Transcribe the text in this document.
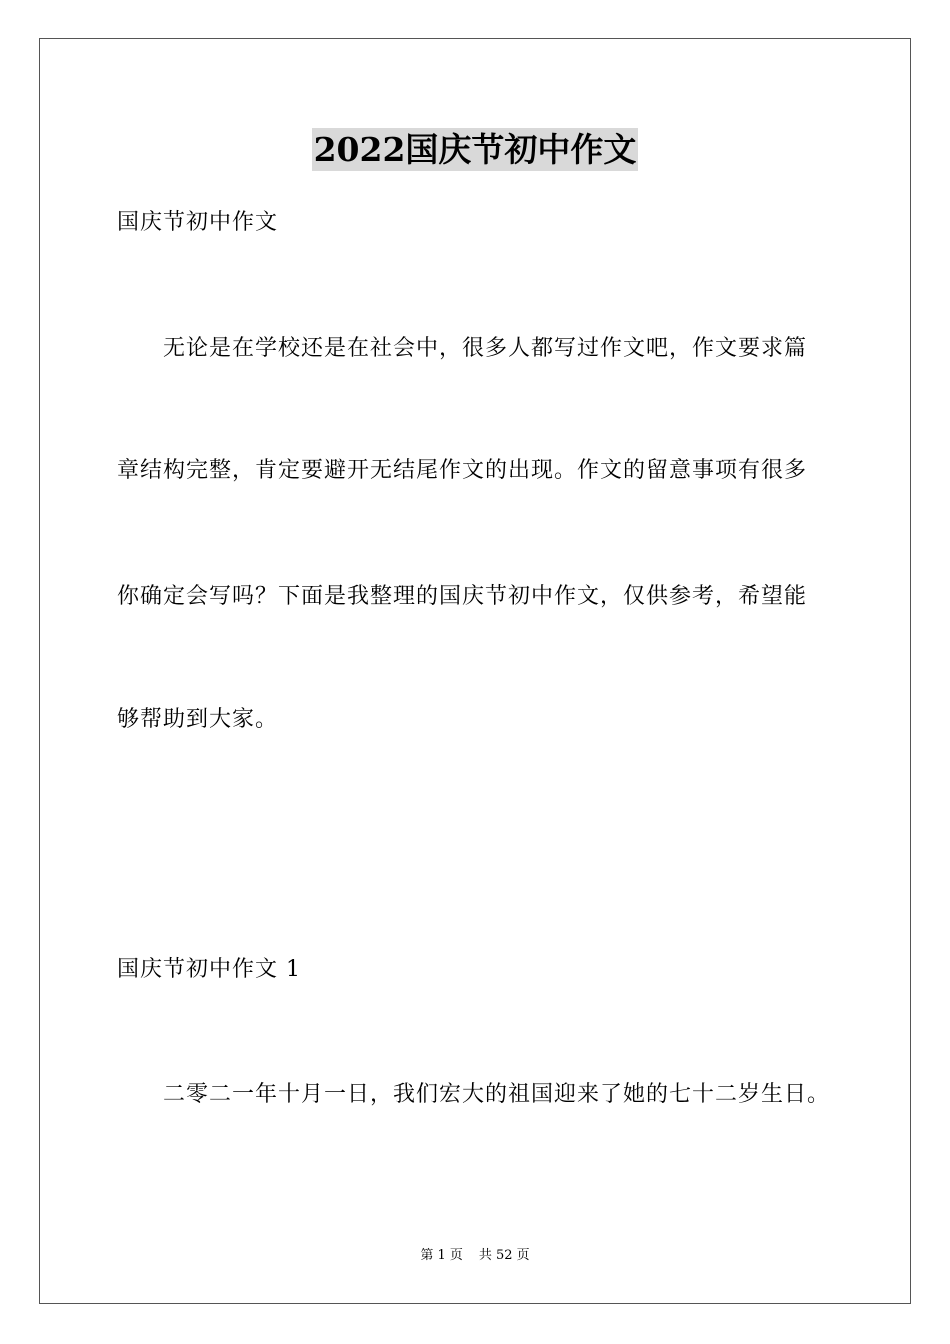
2022国庆节初中作文
国庆节初中作文
无论是在学校还是在社会中，很多人都写过作文吧，作文要求篇
章结构完整，肯定要避开无结尾作文的出现。作文的留意事项有很多
你确定会写吗？下面是我整理的国庆节初中作文，仅供参考，希望能
够帮助到大家。
国庆节初中作文 1
二零二一年十月一日，我们宏大的祖国迎来了她的七十二岁生日。
第 1 页 共 52 页
